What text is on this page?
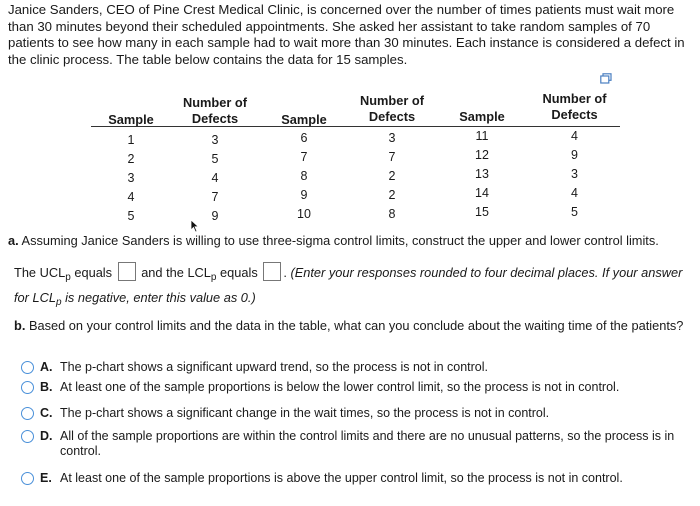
Janice Sanders, CEO of Pine Crest Medical Clinic, is concerned over the number of times patients must wait more than 30 minutes beyond their scheduled appointments. She asked her assistant to take random samples of 70 patients to see how many in each sample had to wait more than 30 minutes. Each instance is considered a defect in the clinic process. The table below contains the data for 15 samples.

Sample
Number of
Defects	Sample
Number of
Defects	Sample
Number of
Defects
1
2
3
4
5
3
5
4
7
9
6
7
8
9
10
3
7
2
2
8
11
12
13
14
15
4
9
3
4
5
a. Assuming Janice Sanders is willing to use three-sigma control limits, construct the upper and lower control limits.
The $UCL_p$ equals and the $LCL_p$ equals . (Enter your responses rounded to four decimal places. If your answer for $LCL_p$ is negative, enter this value as 0.)
b. Based on your control limits and the data in the table, what can you conclude about the waiting time of the patients?
A. The p-chart shows a significant upward trend, so the process is not in control.
B. At least one of the sample proportions is below the lower control limit, so the process is not in control.
C. The p-chart shows a significant change in the wait times, so the process is not in control.
D. All of the sample proportions are within the control limits and there are no unusual patterns, so the process is in control.
E. At least one of the sample proportions is above the upper control limit, so the process is not in control.
